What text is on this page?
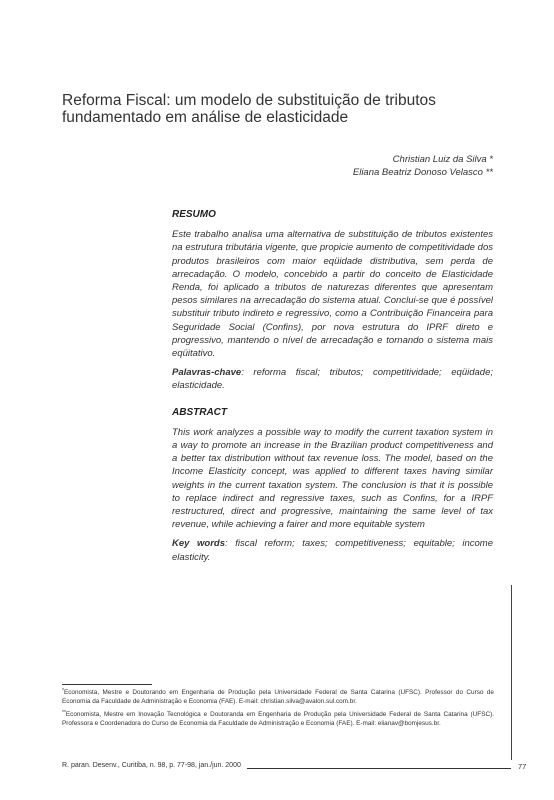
Reforma Fiscal: um modelo de substituição de tributos
fundamentado em análise de elasticidade
Christian Luiz da Silva *
Eliana Beatriz Donoso Velasco **
RESUMO

Este trabalho analisa uma alternativa de substituição de tributos existentes na estrutura tributária vigente, que propicie aumento de competitividade dos produtos brasileiros com maior eqüidade distributiva, sem perda de arrecadação. O modelo, concebido a partir do conceito de Elasticidade Renda, foi aplicado a tributos de naturezas diferentes que apresentam pesos similares na arrecadação do sistema atual. Conclui-se que é possível substituir tributo indireto e regressivo, como a Contribuição Financeira para Seguridade Social (Confins), por nova estrutura do IPRF direto e progressivo, mantendo o nível de arrecadação e tornando o sistema mais eqüitativo.

Palavras-chave: reforma fiscal; tributos; competitividade; eqüidade; elasticidade.

ABSTRACT

This work analyzes a possible way to modify the current taxation system in a way to promote an increase in the Brazilian product competitiveness and a better tax distribution without tax revenue loss. The model, based on the Income Elasticity concept, was applied to different taxes having similar weights in the current taxation system. The conclusion is that it is possible to replace indirect and regressive taxes, such as Confins, for a IRPF restructured, direct and progressive, maintaining the same level of tax revenue, while achieving a fairer and more equitable system

Key words: fiscal reform; taxes; competitiveness; equitable; income elasticity.

*Economista, Mestre e Doutorando em Engenharia de Produção pela Universidade Federal de Santa Catarina (UFSC). Professor do Curso de Economia da Faculdade de Administração e Economia (FAE). E-mail: christian.silva@avalon.sul.com.br.
**Economista, Mestre em Inovação Tecnológica e Doutoranda em Engenharia de Produção pela Universidade Federal de Santa Catarina (UFSC). Professora e Coordenadora do Curso de Economia da Faculdade de Administração e Economia (FAE). E-mail: elianav@bomjesus.br.
R. paran. Desenv., Curitiba, n. 98, p. 77-98, jan./jun. 2000	77
